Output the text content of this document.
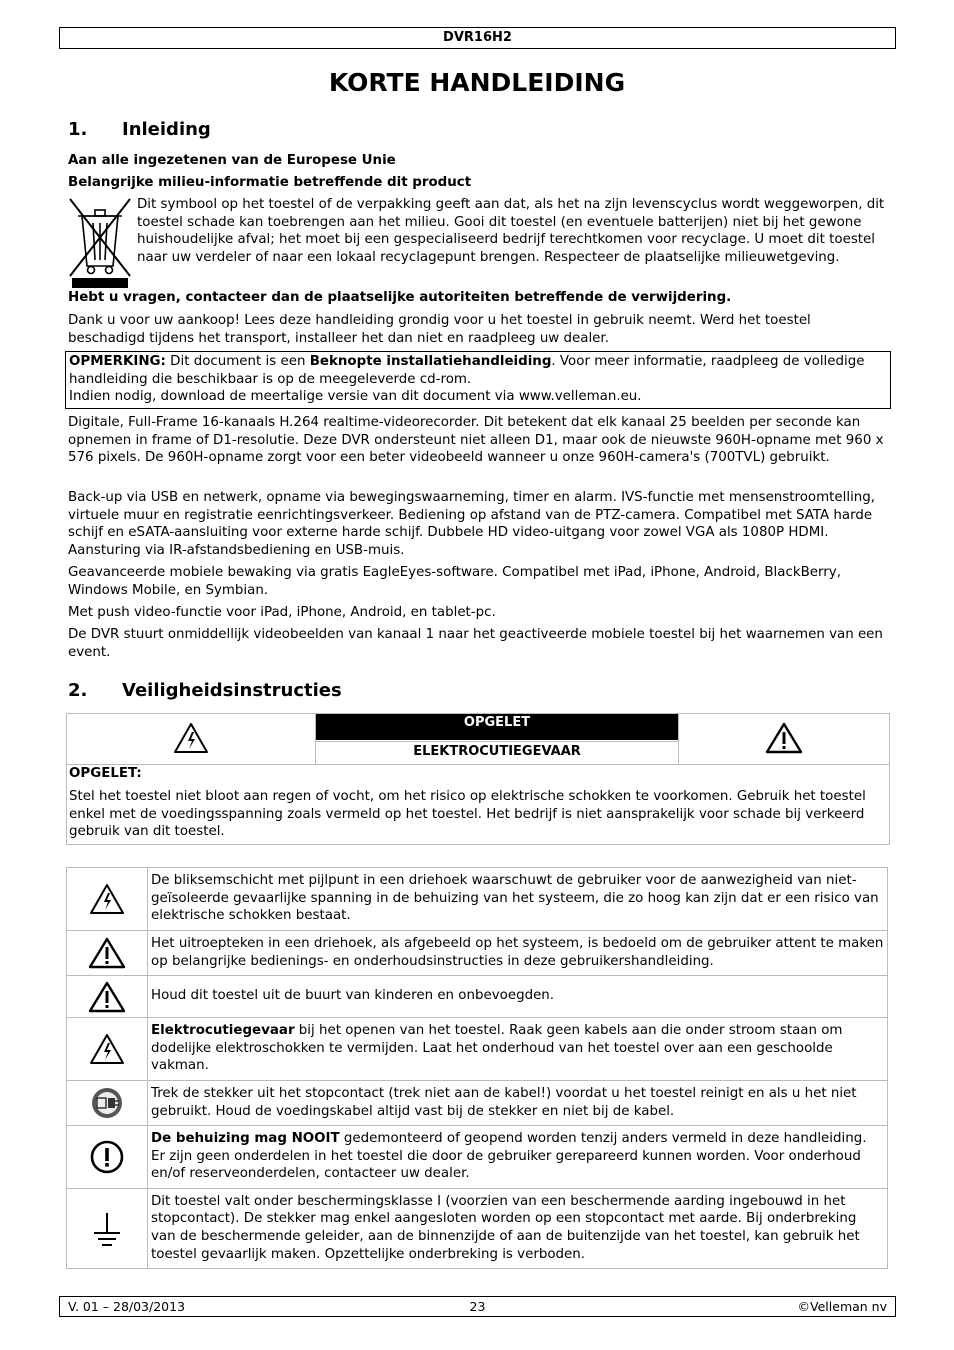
DVR16H2
KORTE HANDLEIDING
1. Inleiding
Aan alle ingezetenen van de Europese Unie
Belangrijke milieu-informatie betreffende dit product
Dit symbool op het toestel of de verpakking geeft aan dat, als het na zijn levenscyclus wordt weggeworpen, dit toestel schade kan toebrengen aan het milieu. Gooi dit toestel (en eventuele batterijen) niet bij het gewone huishoudelijke afval; het moet bij een gespecialiseerd bedrijf terechtkomen voor recyclage. U moet dit toestel naar uw verdeler of naar een lokaal recyclagepunt brengen. Respecteer de plaatselijke milieuwetgeving.
Hebt u vragen, contacteer dan de plaatselijke autoriteiten betreffende de verwijdering.
Dank u voor uw aankoop! Lees deze handleiding grondig voor u het toestel in gebruik neemt. Werd het toestel beschadigd tijdens het transport, installeer het dan niet en raadpleeg uw dealer.
OPMERKING: Dit document is een Beknopte installatiehandleiding. Voor meer informatie, raadpleeg de volledige handleiding die beschikbaar is op de meegeleverde cd-rom.
Indien nodig, download de meertalige versie van dit document via www.velleman.eu.
Digitale, Full-Frame 16-kanaals H.264 realtime-videorecorder. Dit betekent dat elk kanaal 25 beelden per seconde kan opnemen in frame of D1-resolutie. Deze DVR ondersteunt niet alleen D1, maar ook de nieuwste 960H-opname met 960 x 576 pixels. De 960H-opname zorgt voor een beter videobeeld wanneer u onze 960H-camera's (700TVL) gebruikt.
Back-up via USB en netwerk, opname via bewegingswaarneming, timer en alarm. IVS-functie met mensenstroomtelling, virtuele muur en registratie eenrichtingsverkeer. Bediening op afstand van de PTZ-camera. Compatibel met SATA harde schijf en eSATA-aansluiting voor externe harde schijf. Dubbele HD video-uitgang voor zowel VGA als 1080P HDMI. Aansturing via IR-afstandsbediening en USB-muis.
Geavanceerde mobiele bewaking via gratis EagleEyes-software. Compatibel met iPad, iPhone, Android, BlackBerry, Windows Mobile, en Symbian.
Met push video-functie voor iPad, iPhone, Android, en tablet-pc.
De DVR stuurt onmiddellijk videobeelden van kanaal 1 naar het geactiveerde mobiele toestel bij het waarnemen van een event.
2. Veiligheidsinstructies
OPGELET
ELEKTROCUTIEGEVAAR
OPGELET:
Stel het toestel niet bloot aan regen of vocht, om het risico op elektrische schokken te voorkomen. Gebruik het toestel enkel met de voedingsspanning zoals vermeld op het toestel. Het bedrijf is niet aansprakelijk voor schade bij verkeerd gebruik van dit toestel.
	De bliksemschicht met pijlpunt in een driehoek waarschuwt de gebruiker voor de aanwezigheid van niet-geïsoleerde gevaarlijke spanning in de behuizing van het systeem, die zo hoog kan zijn dat er een risico van elektrische schokken bestaat.

	Het uitroepteken in een driehoek, als afgebeeld op het systeem, is bedoeld om de gebruiker attent te maken op belangrijke bedienings- en onderhoudsinstructies in deze gebruikershandleiding.

	Houd dit toestel uit de buurt van kinderen en onbevoegden.

	Elektrocutiegevaar bij het openen van het toestel. Raak geen kabels aan die onder stroom staan om dodelijke elektroschokken te vermijden. Laat het onderhoud van het toestel over aan een geschoolde vakman.

	Trek de stekker uit het stopcontact (trek niet aan de kabel!) voordat u het toestel reinigt en als u het niet gebruikt. Houd de voedingskabel altijd vast bij de stekker en niet bij de kabel.

	De behuizing mag NOOIT gedemonteerd of geopend worden tenzij anders vermeld in deze handleiding. Er zijn geen onderdelen in het toestel die door de gebruiker gerepareerd kunnen worden. Voor onderhoud en/of reserveonderdelen, contacteer uw dealer.

	Dit toestel valt onder beschermingsklasse I (voorzien van een beschermende aarding ingebouwd in het stopcontact). De stekker mag enkel aangesloten worden op een stopcontact met aarde. Bij onderbreking van de beschermende geleider, aan de binnenzijde of aan de buitenzijde van het toestel, kan gebruik het toestel gevaarlijk maken. Opzettelijke onderbreking is verboden.
V. 01 – 28/03/2013	23	©Velleman nv
